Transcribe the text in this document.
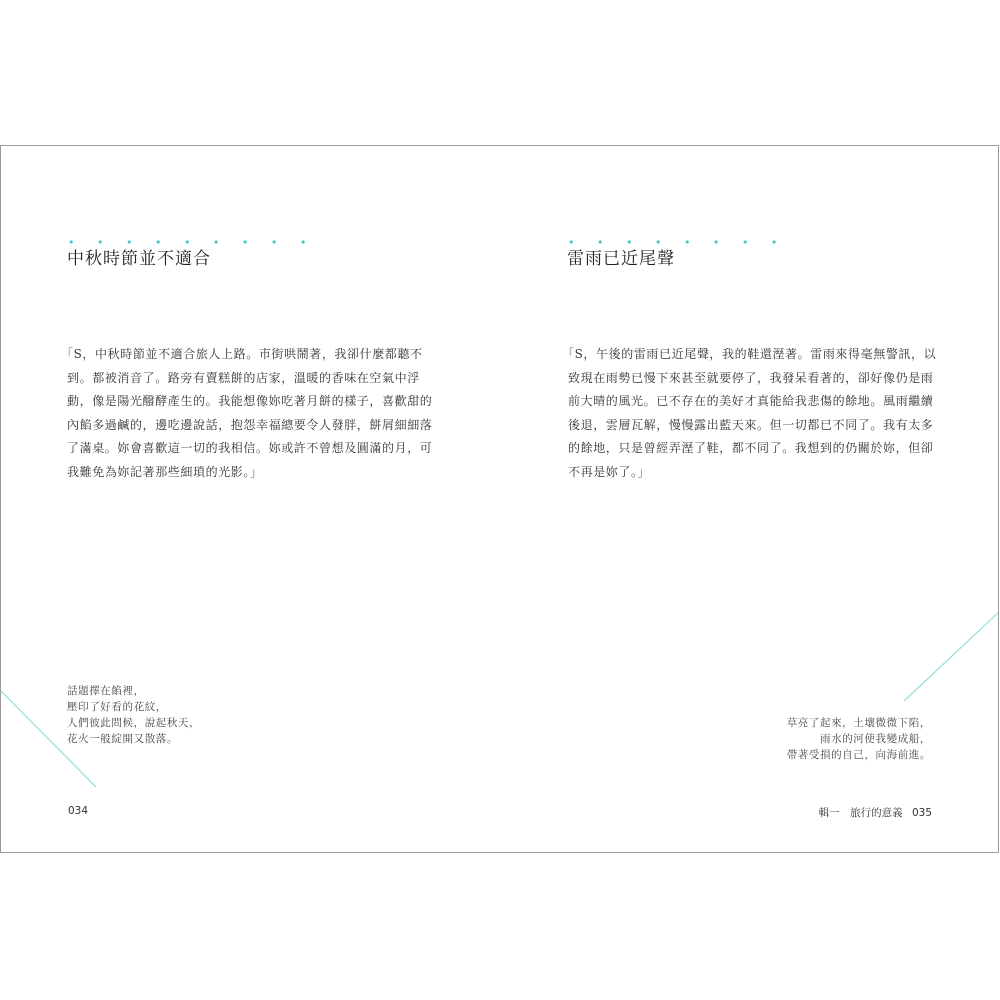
• • • • • • • • •
中秋時節並不適合

「S，中秋時節並不適合旅人上路。市街哄鬧著，我卻什麼都聽不到。都被消音了。路旁有賣糕餅的店家，溫暖的香味在空氣中浮動，像是陽光醱酵產生的。我能想像妳吃著月餅的樣子，喜歡甜的內餡多過鹹的，邊吃邊說話，抱怨幸福總要令人發胖，餅屑細細落了滿桌。妳會喜歡這一切的我相信。妳或許不曾想及圓滿的月，可我難免為妳記著那些細瑣的光影。」

話題擇在餡裡，
壓印了好看的花紋，
人們彼此問候，說起秋天，
花火一般綻開又散落。
034
• • • • • • • •
雷雨已近尾聲

「S，午後的雷雨已近尾聲，我的鞋還溼著。雷雨來得毫無警訊，以致現在雨勢已慢下來甚至就要停了，我發呆看著的，卻好像仍是雨前大晴的風光。已不存在的美好才真能給我悲傷的餘地。風雨繼續後退，雲層瓦解，慢慢露出藍天來。但一切都已不同了。我有太多的餘地，只是曾經弄溼了鞋，都不同了。我想到的仍關於妳，但卻不再是妳了。」

草亮了起來，土壤微微下陷，
雨水的河使我變成船，
帶著受損的自己，向海前進。
輯一　旅行的意義 035
